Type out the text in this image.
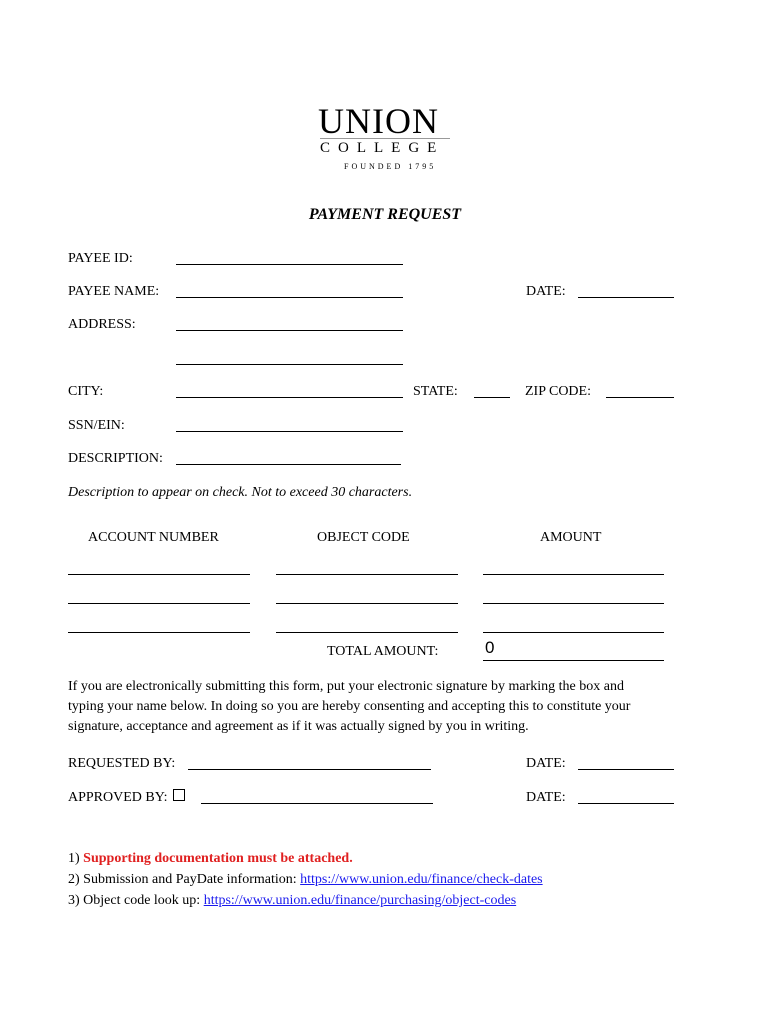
UNION
COLLEGE
FOUNDED 1795
PAYMENT REQUEST
PAYEE ID:
PAYEE NAME:	DATE:
ADDRESS:
CITY:	STATE:	ZIP CODE:
SSN/EIN:
DESCRIPTION:
Description to appear on check. Not to exceed 30 characters.
ACCOUNT NUMBER	OBJECT CODE	AMOUNT
TOTAL AMOUNT:	0
If you are electronically submitting this form, put your electronic signature by marking the box and
typing your name below. In doing so you are hereby consenting and accepting this to constitute your
signature, acceptance and agreement as if it was actually signed by you in writing.
REQUESTED BY:	DATE:
APPROVED BY:	DATE:
1) Supporting documentation must be attached.
2) Submission and PayDate information: https://www.union.edu/finance/check-dates
3) Object code look up: https://www.union.edu/finance/purchasing/object-codes
